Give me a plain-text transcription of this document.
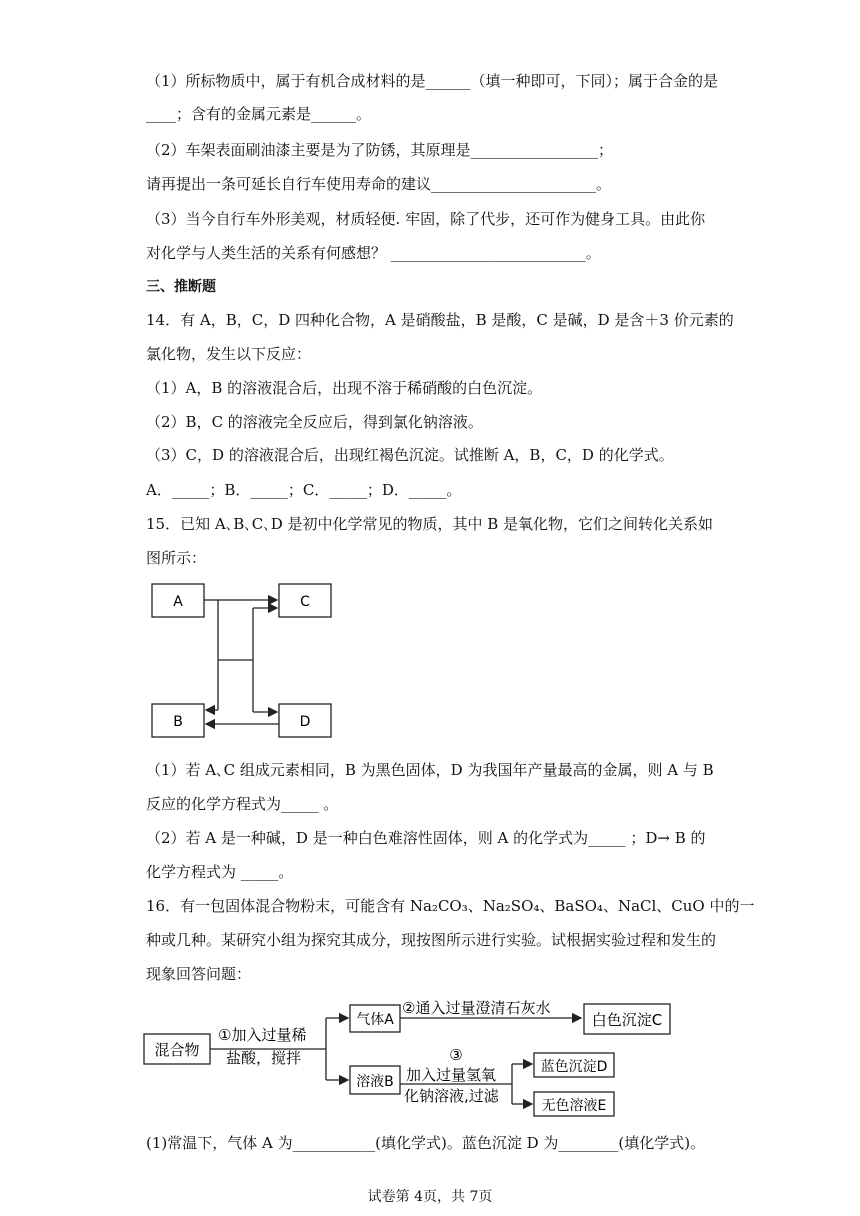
（1）所标物质中，属于有机合成材料的是______（填一种即可，下同）；属于合金的是
____；含有的金属元素是______。
（2）车架表面刷油漆主要是为了防锈，其原理是_________________；
请再提出一条可延长自行车使用寿命的建议______________________。
（3）当今自行车外形美观，材质轻便. 牢固，除了代步，还可作为健身工具。由此你
对化学与人类生活的关系有何感想？ __________________________。
三、推断题
14．有 A，B，C，D 四种化合物，A 是硝酸盐，B 是酸，C 是碱，D 是含＋3 价元素的
氯化物，发生以下反应：
（1）A，B 的溶液混合后，出现不溶于稀硝酸的白色沉淀。
（2）B，C 的溶液完全反应后，得到氯化钠溶液。
（3）C，D 的溶液混合后，出现红褐色沉淀。试推断 A，B，C，D 的化学式。
A．_____；B．_____；C．_____；D．_____。
15．已知 A､B､C､D 是初中化学常见的物质，其中 B 是氧化物，它们之间转化关系如
图所示：
A	C
B	D
（1）若 A､C 组成元素相同，B 为黑色固体，D 为我国年产量最高的金属，则 A 与 B
反应的化学方程式为_____ 。
（2）若 A 是一种碱，D 是一种白色难溶性固体，则 A 的化学式为_____ ；D→ B 的
化学方程式为 _____。
16．有一包固体混合物粉末，可能含有 Na₂CO₃、Na₂SO₄、BaSO₄、NaCl、CuO 中的一
种或几种。某研究小组为探究其成分，现按图所示进行实验。试根据实验过程和发生的
现象回答问题：
混合物
①加入过量稀
盐酸，搅拌
气体A
②通入过量澄清石灰水
白色沉淀C
溶液B
③
加入过量氢氧
化钠溶液,过滤
蓝色沉淀D
无色溶液E
(1)常温下，气体 A 为___________(填化学式)。蓝色沉淀 D 为________(填化学式)。
试卷第 4页，共 7页
